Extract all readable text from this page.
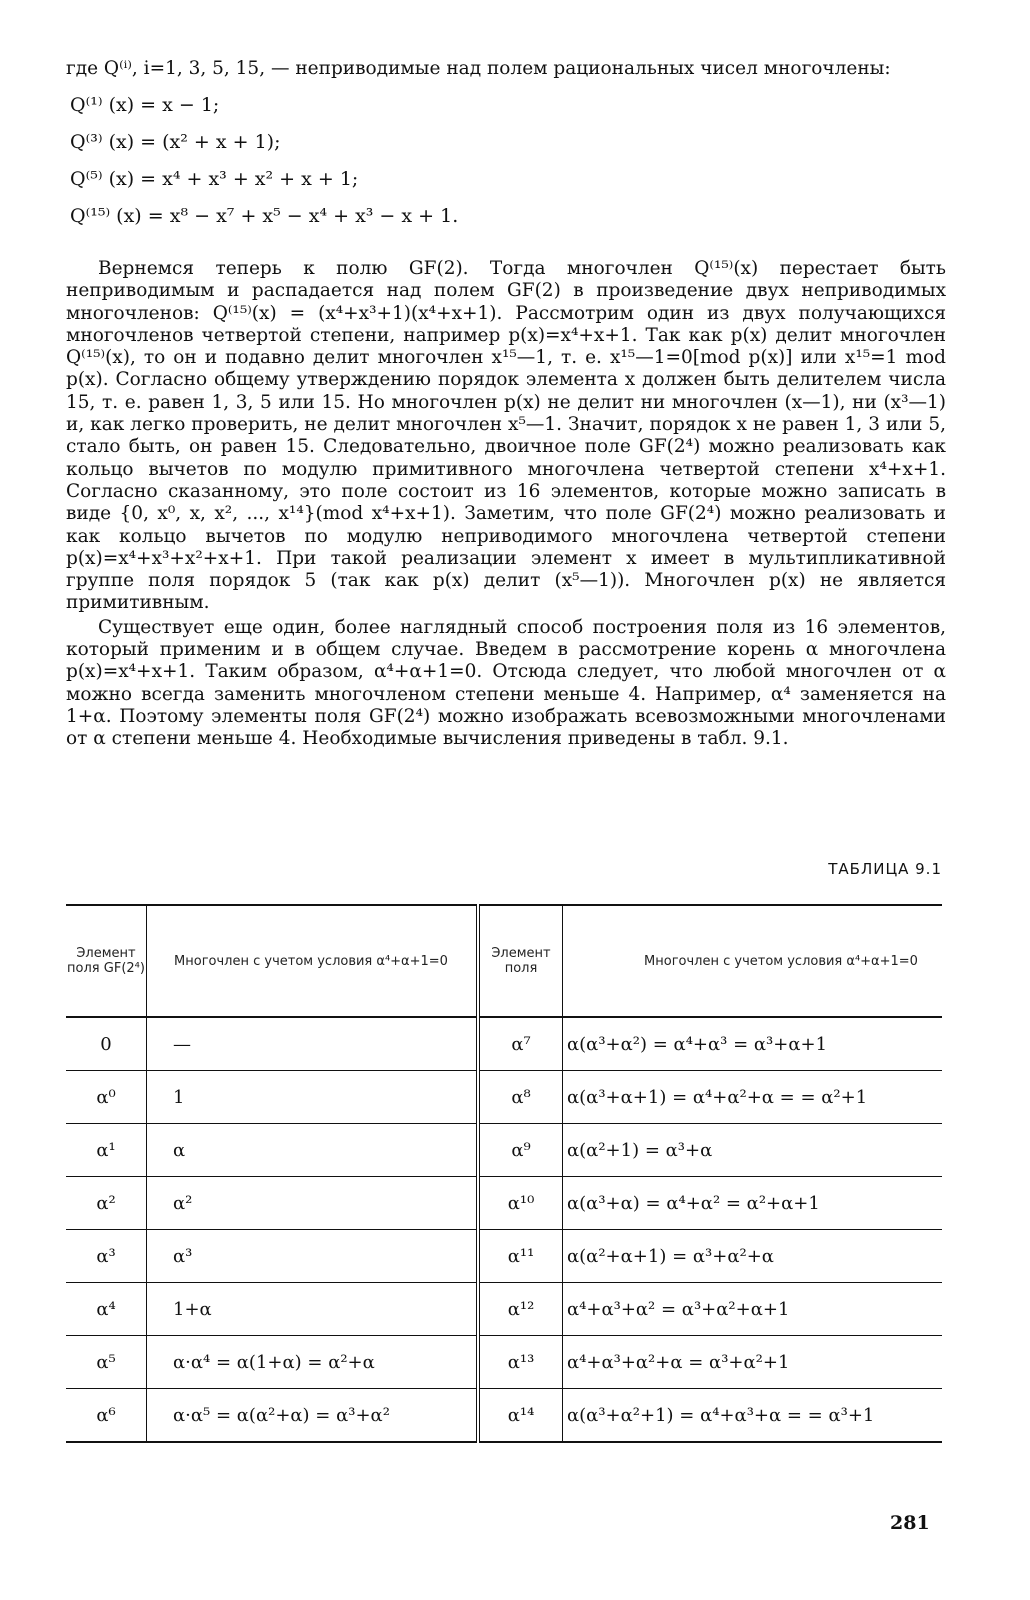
где Q⁽ⁱ⁾, i=1, 3, 5, 15, — неприводимые над полем рациональных чисел многочлены:

Q⁽¹⁾ (x)
= x − 1;
Q⁽³⁾ (x)
= (x² + x + 1);
Q⁽⁵⁾ (x)
= x⁴ + x³ + x² + x + 1;
Q⁽¹⁵⁾ (x)
= x⁸ − x⁷ + x⁵ − x⁴ + x³ − x + 1.

Вернемся теперь к полю GF(2). Тогда многочлен Q⁽¹⁵⁾(x) перестает быть неприводимым и распадается над полем GF(2) в произведение двух неприводимых многочленов: Q⁽¹⁵⁾(x) = (x⁴+x³+1)(x⁴+x+1). Рассмотрим один из двух получающихся многочленов четвертой степени, например p(x)=x⁴+x+1. Так как p(x) делит многочлен Q⁽¹⁵⁾(x), то он и подавно делит многочлен x¹⁵—1, т. е. x¹⁵—1=0[mod p(x)] или x¹⁵=1 mod p(x). Согласно общему утверждению порядок элемента x должен быть делителем числа 15, т. е. равен 1, 3, 5 или 15. Но многочлен p(x) не делит ни многочлен (x—1), ни (x³—1) и, как легко проверить, не делит многочлен x⁵—1. Значит, порядок x не равен 1, 3 или 5, стало быть, он равен 15. Следовательно, двоичное поле GF(2⁴) можно реализовать как кольцо вычетов по модулю примитивного многочлена четвертой степени x⁴+x+1. Согласно сказанному, это поле состоит из 16 элементов, которые можно записать в виде {0, x⁰, x, x², ..., x¹⁴}(mod x⁴+x+1). Заметим, что поле GF(2⁴) можно реализовать и как кольцо вычетов по модулю неприводимого многочлена четвертой степени p(x)=x⁴+x³+x²+x+1. При такой реализации элемент x имеет в мультипликативной группе поля порядок 5 (так как p(x) делит (x⁵—1)). Многочлен p(x) не является примитивным.

Существует еще один, более наглядный способ построения поля из 16 элементов, который применим и в общем случае. Введем в рассмотрение корень α многочлена p(x)=x⁴+x+1. Таким образом, α⁴+α+1=0. Отсюда следует, что любой многочлен от α можно всегда заменить многочленом степени меньше 4. Например, α⁴ заменяется на 1+α. Поэтому элементы поля GF(2⁴) можно изображать всевозможными многочленами от α степени меньше 4. Необходимые вычисления приведены в табл. 9.1.

ТАБЛИЦА 9.1
Элемент поля GF(2⁴)	Многочлен с учетом условия α⁴+α+1=0	Элемент поля	Многочлен с учетом условия α⁴+α+1=0
0	—	α⁷	α(α³+α²) = α⁴+α³ = α³+α+1
α⁰	1	α⁸	α(α³+α+1) = α⁴+α²+α = = α²+1
α¹	α	α⁹	α(α²+1) = α³+α
α²	α²	α¹⁰	α(α³+α) = α⁴+α² = α²+α+1
α³	α³	α¹¹	α(α²+α+1) = α³+α²+α
α⁴	1+α	α¹²	α⁴+α³+α² = α³+α²+α+1
α⁵	α·α⁴ = α(1+α) = α²+α	α¹³	α⁴+α³+α²+α = α³+α²+1
α⁶	α·α⁵ = α(α²+α) = α³+α²	α¹⁴	α(α³+α²+1) = α⁴+α³+α = = α³+1
281
